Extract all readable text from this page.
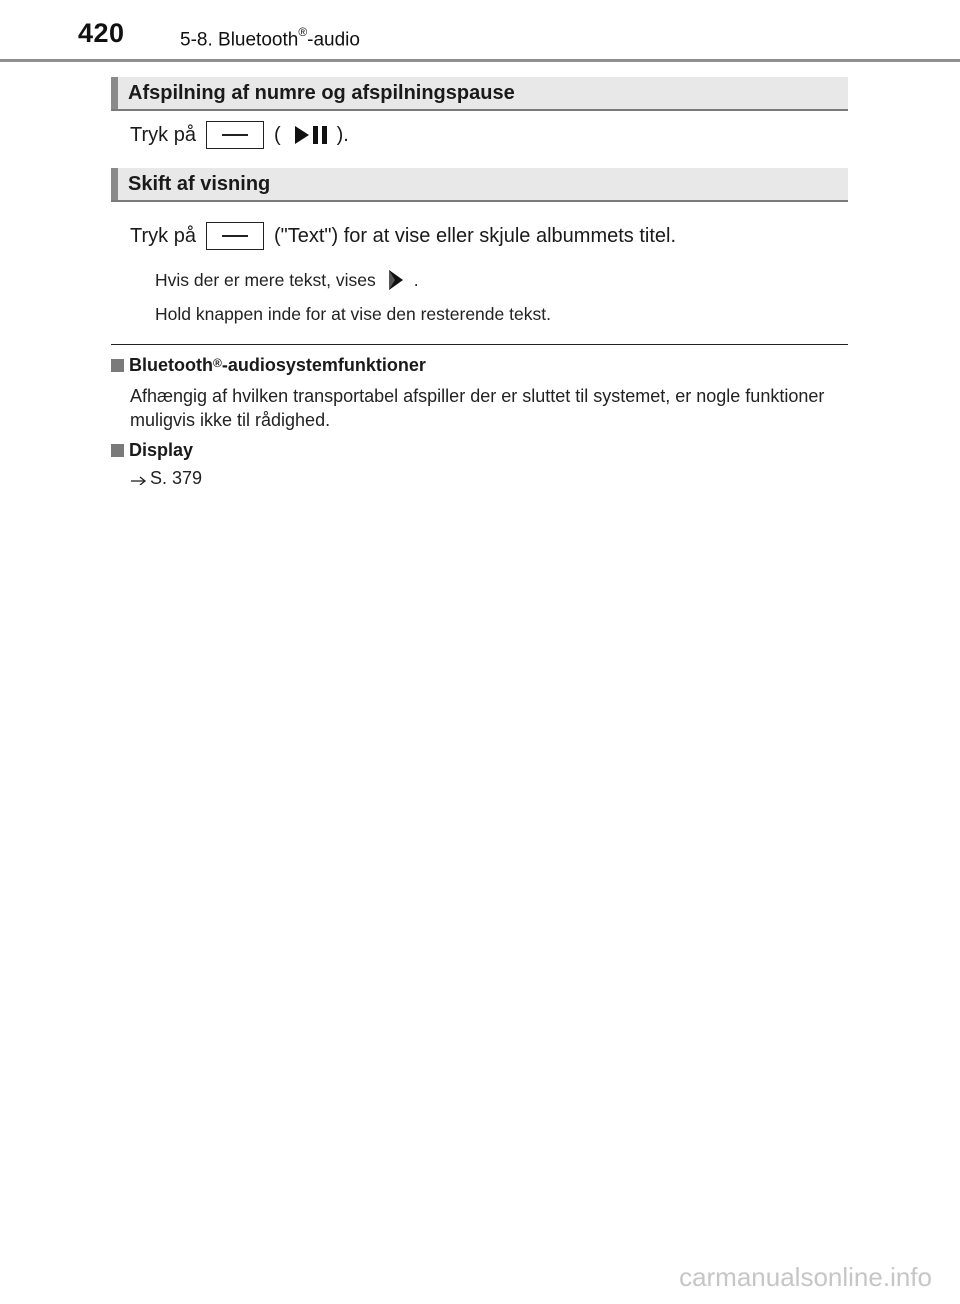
420	5-8. Bluetooth®-audio
Afspilning af numre og afspilningspause
Tryk på	(	).
Skift af visning
Tryk på	("Text") for at vise eller skjule albummets titel.
Hvis der er mere tekst, vises .
Hold knappen inde for at vise den resterende tekst.
Bluetooth® -audiosystemfunktioner
Afhængig af hvilken transportabel afspiller der er sluttet til systemet, er nogle funktioner muligvis ikke til rådighed.
Display
S. 379
carmanualsonline.info
